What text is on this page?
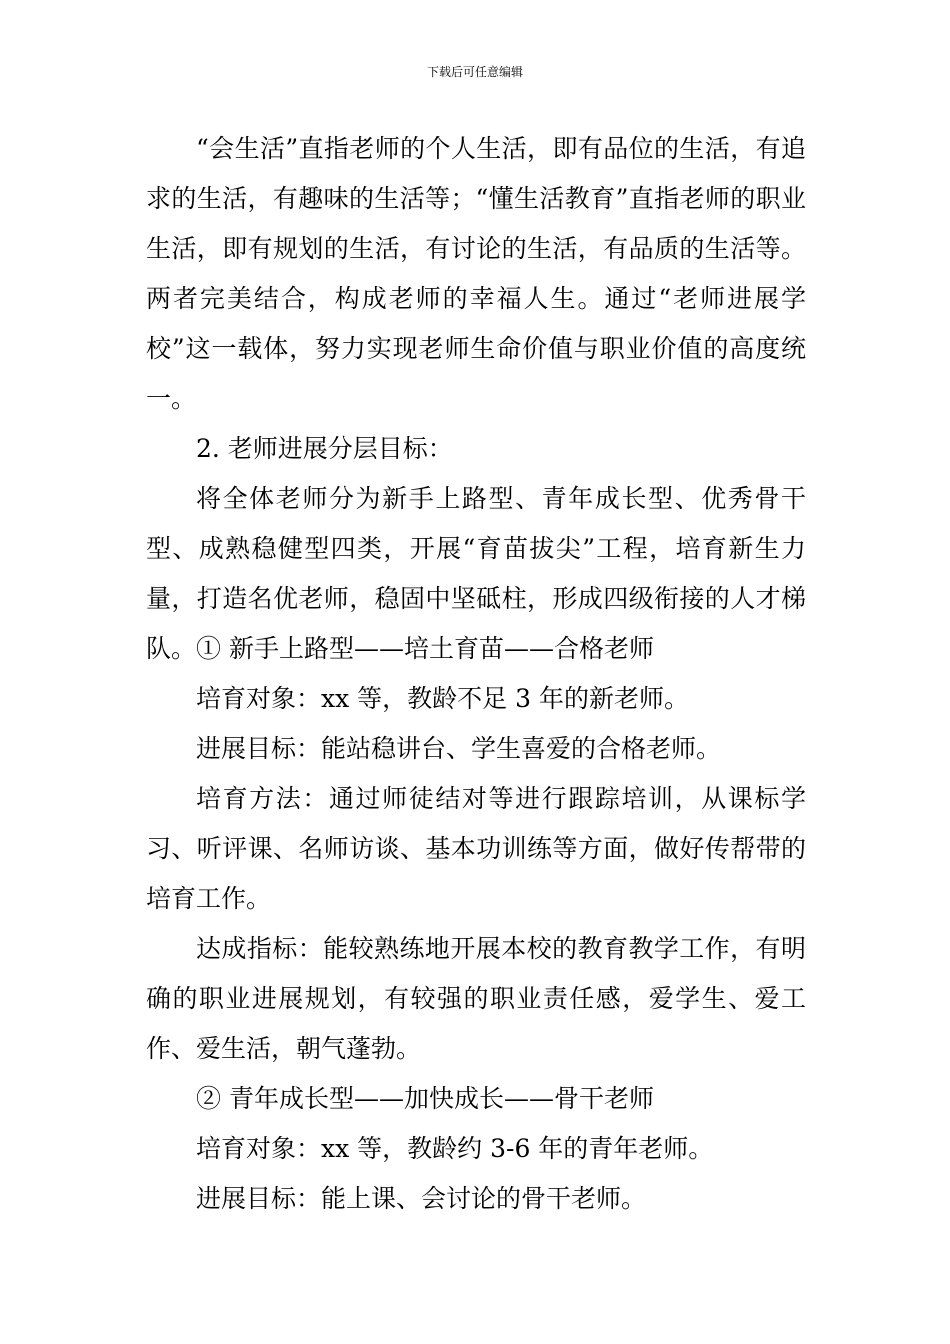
下载后可任意编辑

“会生活”直指老师的个人生活，即有品位的生活，有追求的生活，有趣味的生活等；“懂生活教育”直指老师的职业生活，即有规划的生活，有讨论的生活，有品质的生活等。两者完美结合，构成老师的幸福人生。通过“老师进展学校”这一载体，努力实现老师生命价值与职业价值的高度统一。

2. 老师进展分层目标：

将全体老师分为新手上路型、青年成长型、优秀骨干型、成熟稳健型四类，开展“育苗拔尖”工程，培育新生力量，打造名优老师，稳固中坚砥柱，形成四级衔接的人才梯队。① 新手上路型——培土育苗——合格老师

培育对象：xx 等，教龄不足 3 年的新老师。

进展目标：能站稳讲台、学生喜爱的合格老师。

培育方法：通过师徒结对等进行跟踪培训，从课标学习、听评课、名师访谈、基本功训练等方面，做好传帮带的培育工作。

达成指标：能较熟练地开展本校的教育教学工作，有明确的职业进展规划，有较强的职业责任感，爱学生、爱工作、爱生活，朝气蓬勃。

② 青年成长型——加快成长——骨干老师

培育对象：xx 等，教龄约 3-6 年的青年老师。

进展目标：能上课、会讨论的骨干老师。
